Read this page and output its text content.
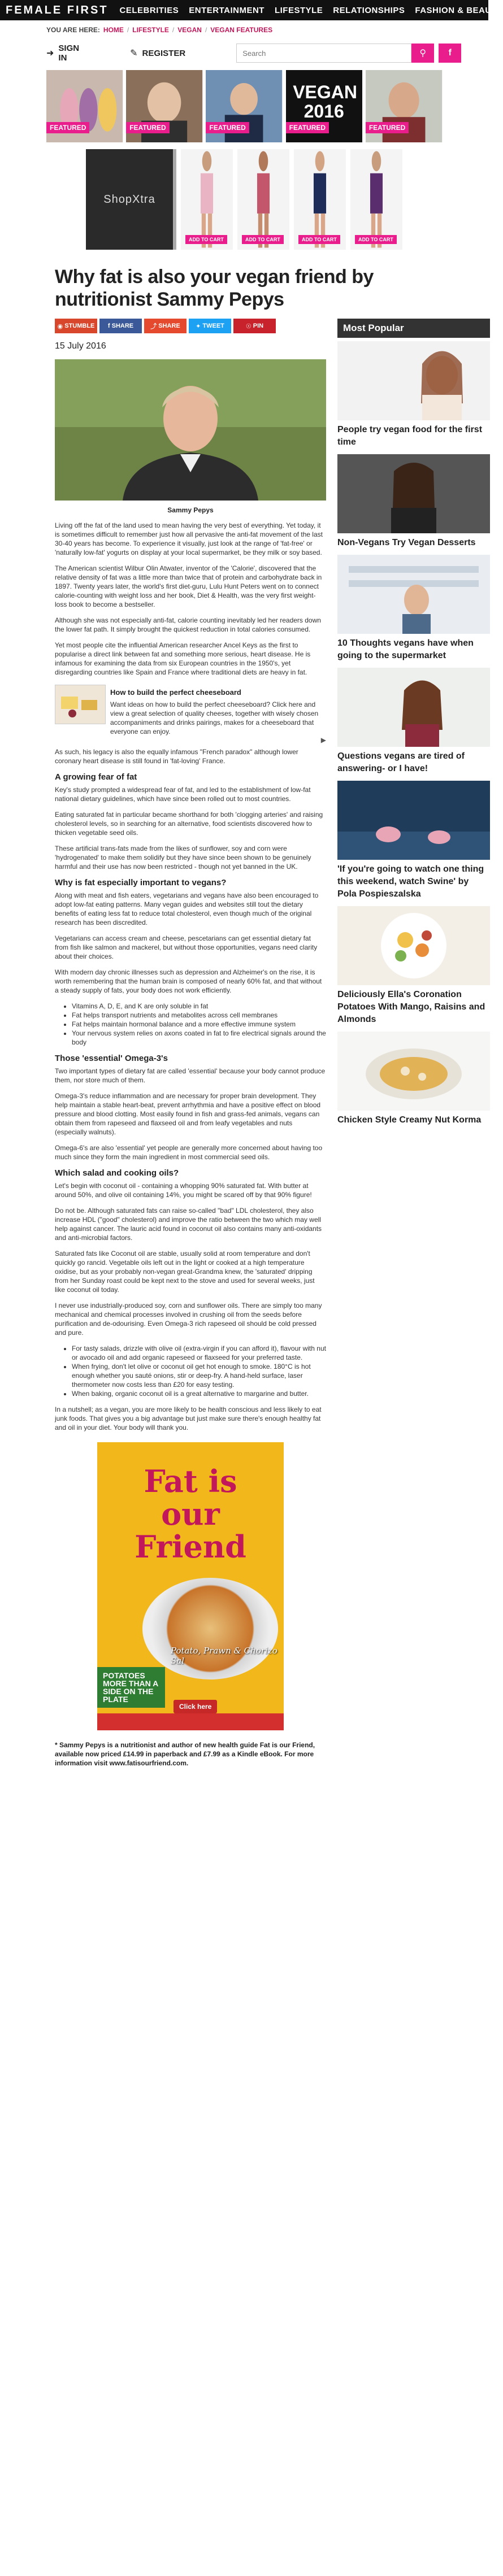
FEMALE FIRST CELEBRITIES ENTERTAINMENT LIFESTYLE RELATIONSHIPS FASHION & BEAUTY
YOU ARE HERE: HOME / LIFESTYLE / VEGAN / VEGAN FEATURES
➜
SIGN IN	✎ REGISTER
Search	⚲ f
FEATURED	FEATURED	FEATURED
VEGAN 2016
FEATURED	FEATURED
ShopXtra
ADD TO CART	ADD TO CART	ADD TO CART	ADD TO CART
Why fat is also your vegan friend by nutritionist Sammy Pepys
◉ STUMBLE f SHARE	⤴ SHARE ✦ TWEET	☉ PIN
15 July 2016
Sammy Pepys

Living off the fat of the land used to mean having the very best of everything. Yet today, it is sometimes difficult to remember just how all pervasive the anti-fat movement of the last 30-40 years has become. To experience it visually, just look at the range of 'fat-free' or 'naturally low-fat' yogurts on display at your local supermarket, be they milk or soy based.

The American scientist Wilbur Olin Atwater, inventor of the 'Calorie', discovered that the relative density of fat was a little more than twice that of protein and carbohydrate back in 1897. Twenty years later, the world's first diet-guru, Lulu Hunt Peters went on to connect calorie-counting with weight loss and her book, Diet & Health, was the very first weight-loss book to become a bestseller.

Although she was not especially anti-fat, calorie counting inevitably led her readers down the lower fat path. It simply brought the quickest reduction in total calories consumed.

Yet most people cite the influential American researcher Ancel Keys as the first to popularise a direct link between fat and something more serious, heart disease. He is infamous for examining the data from six European countries in the 1950's, yet disregarding countries like Spain and France where traditional diets are heavy in fat.

How to build the perfect cheeseboard
Want ideas on how to build the perfect cheeseboard? Click here and view a great selection of quality cheeses, together with wisely chosen accompaniments and drinks pairings, makes for a cheeseboard that everyone can enjoy.
▶

As such, his legacy is also the equally infamous "French paradox" although lower coronary heart disease is still found in 'fat-loving' France.

A growing fear of fat

Key's study prompted a widespread fear of fat, and led to the establishment of low-fat national dietary guidelines, which have since been rolled out to most countries.

Eating saturated fat in particular became shorthand for both 'clogging arteries' and raising cholesterol levels, so in searching for an alternative, food scientists discovered how to thicken vegetable seed oils.

These artificial trans-fats made from the likes of sunflower, soy and corn were 'hydrogenated' to make them solidify but they have since been shown to be genuinely harmful and their use has now been restricted - though not yet banned in the UK.

Why is fat especially important to vegans?

Along with meat and fish eaters, vegetarians and vegans have also been encouraged to adopt low-fat eating patterns. Many vegan guides and websites still tout the dietary benefits of eating less fat to reduce total cholesterol, even though much of the original research has been discredited.

Vegetarians can access cream and cheese, pescetarians can get essential dietary fat from fish like salmon and mackerel, but without those opportunities, vegans need clarity about their choices.

With modern day chronic illnesses such as depression and Alzheimer's on the rise, it is worth remembering that the human brain is composed of nearly 60% fat, and that without a steady supply of fats, your body does not work efficiently.

• Vitamins A, D, E, and K are only soluble in fat
• Fat helps transport nutrients and metabolites across cell membranes
• Fat helps maintain hormonal balance and a more effective immune system
• Your nervous system relies on axons coated in fat to fire electrical signals around the body
Those 'essential' Omega-3's

Two important types of dietary fat are called 'essential' because your body cannot produce them, nor store much of them.

Omega-3's reduce inflammation and are necessary for proper brain development. They help maintain a stable heart-beat, prevent arrhythmia and have a positive effect on blood pressure and blood clotting. Most easily found in fish and grass-fed animals, vegans can obtain them from rapeseed and flaxseed oil and from leafy vegetables and nuts (especially walnuts).

Omega-6's are also 'essential' yet people are generally more concerned about having too much since they form the main ingredient in most commercial seed oils.

Which salad and cooking oils?

Let's begin with coconut oil - containing a whopping 90% saturated fat. With butter at around 50%, and olive oil containing 14%, you might be scared off by that 90% figure!

Do not be. Although saturated fats can raise so-called "bad" LDL cholesterol, they also increase HDL ("good" cholesterol) and improve the ratio between the two which may well help against cancer. The lauric acid found in coconut oil also contains many anti-oxidants and anti-microbial factors.

Saturated fats like Coconut oil are stable, usually solid at room temperature and don't quickly go rancid. Vegetable oils left out in the light or cooked at a high temperature oxidise, but as your probably non-vegan great-Grandma knew, the 'saturated' dripping from her Sunday roast could be kept next to the stove and used for several weeks, just like coconut oil today.

I never use industrially-produced soy, corn and sunflower oils. There are simply too many mechanical and chemical processes involved in crushing oil from the seeds before purification and de-odourising. Even Omega-3 rich rapeseed oil should be cold pressed and pure.

• For tasty salads, drizzle with olive oil (extra-virgin if you can afford it), flavour with nut or avocado oil and add organic rapeseed or flaxseed for your preferred taste.
• When frying, don't let olive or coconut oil get hot enough to smoke. 180°C is hot enough whether you sauté onions, stir or deep-fry. A hand-held surface, laser thermometer now costs less than £20 for easy testing.
• When baking, organic coconut oil is a great alternative to margarine and butter.

In a nutshell; as a vegan, you are more likely to be health conscious and less likely to eat junk foods. That gives you a big advantage but just make sure there's enough healthy fat and oil in your diet. Your body will thank you.

Fat is
our
Friend
Potato, Prawn & Chorizo Sal
POTATOES MORE THAN A SIDE ON THE PLATE
Click here

* Sammy Pepys is a nutritionist and author of new health guide Fat is our Friend, available now priced £14.99 in paperback and £7.99 as a Kindle eBook. For more information visit www.fatisourfriend.com.

Most Popular
People try vegan food for the first time
Non-Vegans Try Vegan Desserts
10 Thoughts vegans have when going to the supermarket
Questions vegans are tired of answering- or I have!
'If you're going to watch one thing this weekend, watch Swine' by Pola Pospieszalska
Deliciously Ella's Coronation Potatoes With Mango, Raisins and Almonds
Chicken Style Creamy Nut Korma
